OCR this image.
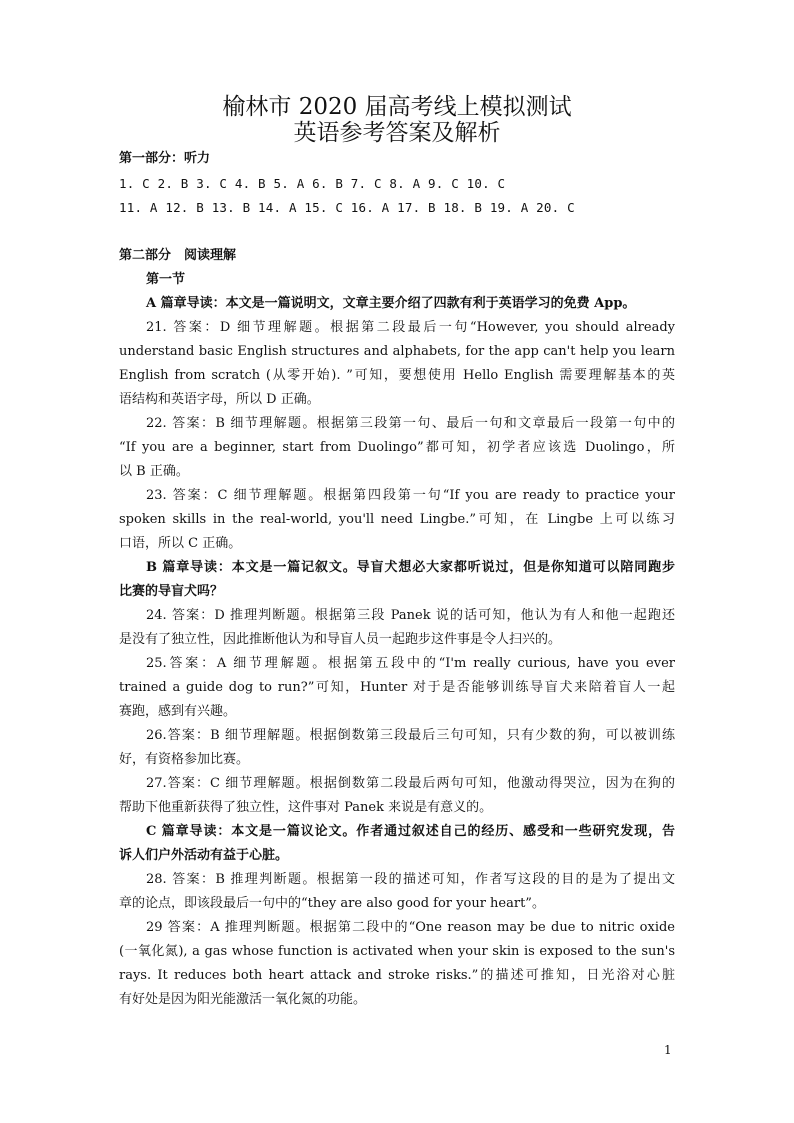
榆林市 2020 届高考线上模拟测试
英语参考答案及解析
第一部分：听力
1. C 2. B 3. C 4. B 5. A 6. B 7. C 8. A 9. C 10. C
11. A 12. B 13. B 14. A 15. C 16. A 17. B 18. B 19. A 20. C
第二部分　阅读理解
第一节
A 篇章导读：本文是一篇说明文，文章主要介绍了四款有利于英语学习的免费 App。
21. 答案：D 细节理解题。根据第二段最后一句“However, you should already
understand basic English structures and alphabets, for the app can't help you learn
English from scratch (从零开始). ”可知，要想使用 Hello English 需要理解基本的英
语结构和英语字母，所以 D 正确。
22. 答案：B 细节理解题。根据第三段第一句、最后一句和文章最后一段第一句中的
“If you are a beginner, start from Duolingo”都可知，初学者应该选 Duolingo，所
以 B 正确。
23. 答案：C 细节理解题。根据第四段第一句“If you are ready to practice your
spoken skills in the real-world, you'll need Lingbe.”可知，在 Lingbe 上可以练习
口语，所以 C 正确。
B 篇章导读：本文是一篇记叙文。导盲犬想必大家都听说过，但是你知道可以陪同跑步
比赛的导盲犬吗？
24. 答案：D 推理判断题。根据第三段 Panek 说的话可知，他认为有人和他一起跑还
是没有了独立性，因此推断他认为和导盲人员一起跑步这件事是令人扫兴的。
25.答案：A 细节理解题。根据第五段中的“I'm really curious, have you ever
trained a guide dog to run?”可知，Hunter 对于是否能够训练导盲犬来陪着盲人一起
赛跑，感到有兴趣。
26.答案：B 细节理解题。根据倒数第三段最后三句可知，只有少数的狗，可以被训练
好，有资格参加比赛。
27.答案：C 细节理解题。根据倒数第二段最后两句可知，他激动得哭泣，因为在狗的
帮助下他重新获得了独立性，这件事对 Panek 来说是有意义的。
C 篇章导读：本文是一篇议论文。作者通过叙述自己的经历、感受和一些研究发现，告
诉人们户外活动有益于心脏。
28. 答案：B 推理判断题。根据第一段的描述可知，作者写这段的目的是为了提出文
章的论点，即该段最后一句中的“they are also good for your heart”。
29 答案：A 推理判断题。根据第二段中的“One reason may be due to nitric oxide
(一氧化氮), a gas whose function is activated when your skin is exposed to the sun's
rays. It reduces both heart attack and stroke risks.”的描述可推知，日光浴对心脏
有好处是因为阳光能激活一氧化氮的功能。
1
